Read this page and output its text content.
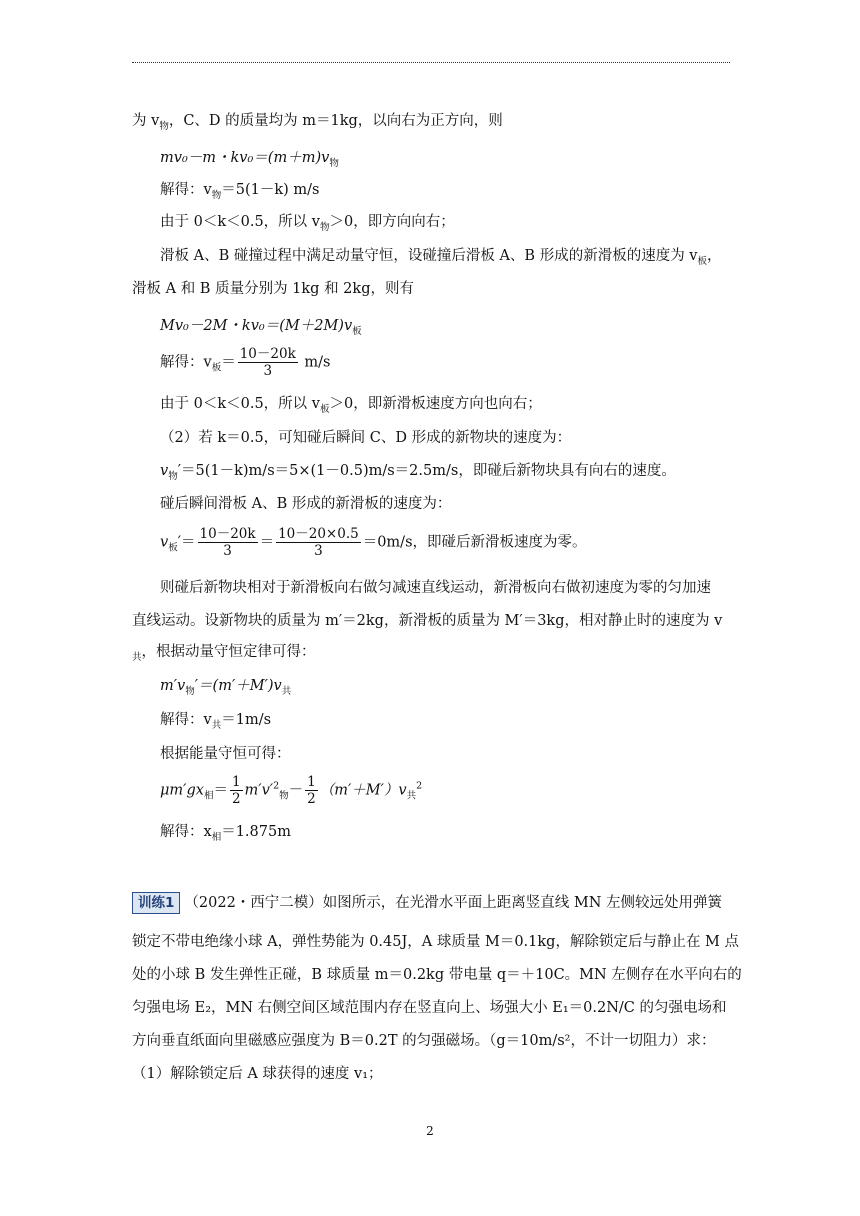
为 $v_物$，C、D 的质量均为 m＝1kg，以向右为正方向，则
mv₀－m・$kv_0=(m+m)v_物$
解得：$v_物=5(1-k)$ m/s
由于 0＜k＜0.5，所以 $v_物>0$，即方向向右；
滑板 A、B 碰撞过程中满足动量守恒，设碰撞后滑板 A、B 形成的新滑板的速度为 $v_板$，
滑板 A 和 B 质量分别为 1kg 和 2kg，则有
Mv₀－2M・$kv_0=(M+2M)v_板$
解得：$v_板= \frac{10-20k}{3} m/s$
由于 0＜k＜0.5，所以 $v_板>0$，即新滑板速度方向也向右；
（2）若 k＝0.5，可知碰后瞬间 C、D 形成的新物块的速度为：
$v_物'=5(1-k)m/s=5\times(1-0.5)m/s=2.5m/s$，即碰后新物块具有向右的速度。
碰后瞬间滑板 A、B 形成的新滑板的速度为：
$v_板'= \frac{10-20k}{3} = \frac{10-20\times 0.5}{3} =0m/s$，即碰后新滑板速度为零。
则碰后新物块相对于新滑板向右做匀减速直线运动，新滑板向右做初速度为零的匀加速
直线运动。设新物块的质量为 m′＝2kg，新滑板的质量为 M′＝3kg，相对静止时的速度为 v
$_共$，根据动量守恒定律可得：
$m'v_物'=(m'+M')v_共$
解得：$v_共=1m/s$
根据能量守恒可得：
$\mu m'gx_相= \frac{1}{2} m'v'^2_物- \frac{1}{2} (m'+M')v_共^2$
解得：$x_相=1.875m$
训练1 （2022・西宁二模）如图所示，在光滑水平面上距离竖直线 MN 左侧较远处用弹簧
锁定不带电绝缘小球 A，弹性势能为 0.45J，A 球质量 M＝0.1kg，解除锁定后与静止在 M 点
处的小球 B 发生弹性正碰，B 球质量 m＝0.2kg 带电量 q＝＋10C。MN 左侧存在水平向右的
匀强电场 E₂，MN 右侧空间区域范围内存在竖直向上、场强大小 E₁＝0.2N/C 的匀强电场和
方向垂直纸面向里磁感应强度为 B＝0.2T 的匀强磁场。（g＝10m/s²，不计一切阻力）求：
（1）解除锁定后 A 球获得的速度 v₁；
2
